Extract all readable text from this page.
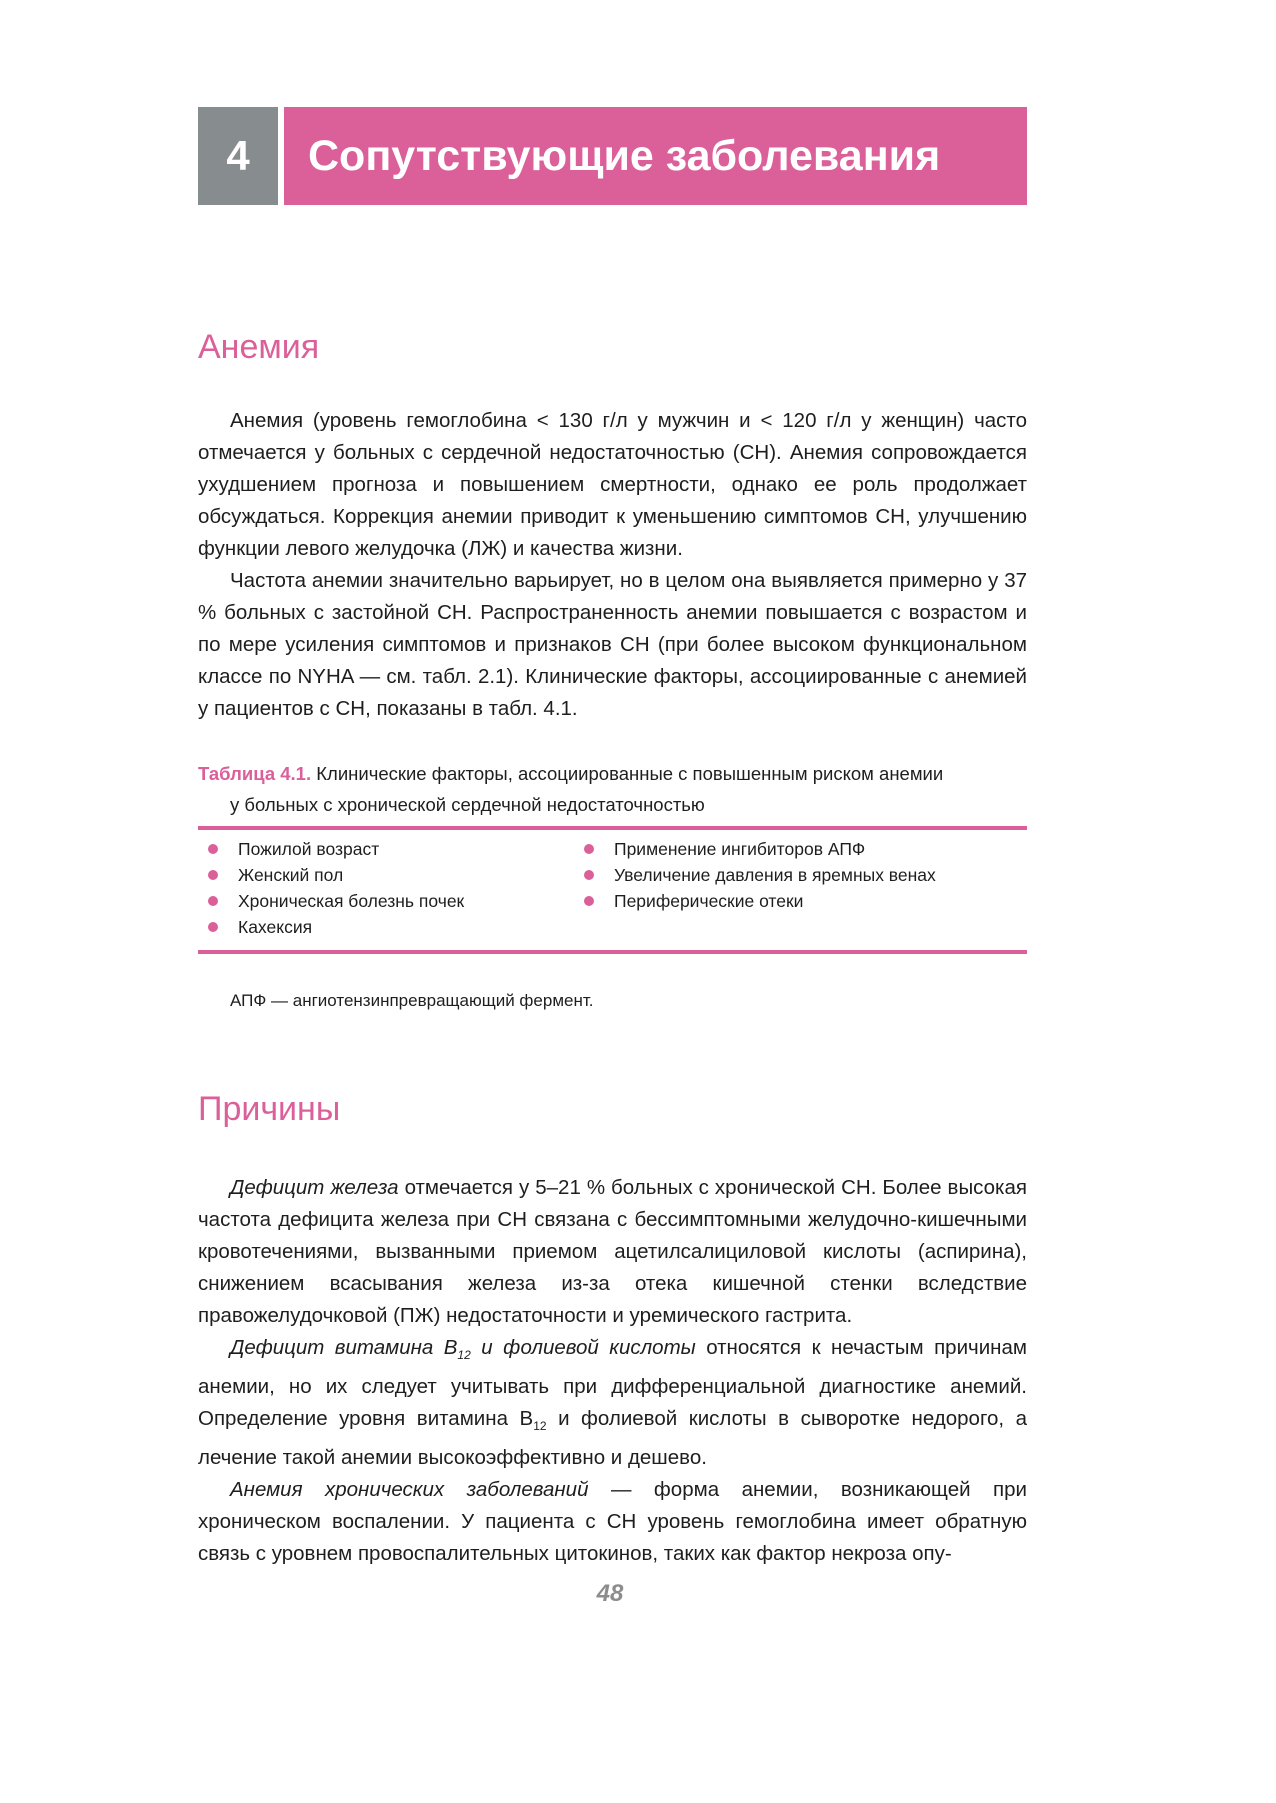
4	Сопутствующие заболевания
Анемия

Анемия (уровень гемоглобина < 130 г/л у мужчин и < 120 г/л у женщин) часто отмечается у больных с сердечной недостаточностью (СН). Анемия сопровождается ухудшением прогноза и повышением смертности, однако ее роль продолжает обсуждаться. Коррекция анемии приводит к уменьшению симптомов СН, улучшению функции левого желудочка (ЛЖ) и качества жизни.

Частота анемии значительно варьирует, но в целом она выявляется примерно у 37 % больных с застойной СН. Распространенность анемии повышается с возрастом и по мере усиления симптомов и признаков СН (при более высоком функциональном классе по NYHA — см. табл. 2.1). Клинические факторы, ассоциированные с анемией у пациентов с СН, показаны в табл. 4.1.

Таблица 4.1. Клинические факторы, ассоциированные с повышенным риском анемии
у больных с хронической сердечной недостаточностью
Пожилой возраст
Женский пол
Хроническая болезнь почек
Кахексия
Применение ингибиторов АПФ
Увеличение давления в яремных венах
Периферические отеки

АПФ — ангиотензинпревращающий фермент.

Причины

Дефицит железа отмечается у 5–21 % больных с хронической СН. Более высокая частота дефицита железа при СН связана с бессимптомными желудочно-кишечными кровотечениями, вызванными приемом ацетилсалициловой кислоты (аспирина), снижением всасывания железа из-за отека кишечной стенки вследствие правожелудочковой (ПЖ) недостаточности и уремического гастрита.

Дефицит витамина $B_{12}$ и фолиевой кислоты относятся к нечастым причинам анемии, но их следует учитывать при дифференциальной диагностике анемий. Определение уровня витамина $B_{12}$ и фолиевой кислоты в сыворотке недорого, а лечение такой анемии высокоэффективно и дешево.

Анемия хронических заболеваний — форма анемии, возникающей при хроническом воспалении. У пациента с СН уровень гемоглобина имеет обратную связь с уровнем провоспалительных цитокинов, таких как фактор некроза опу-

48
